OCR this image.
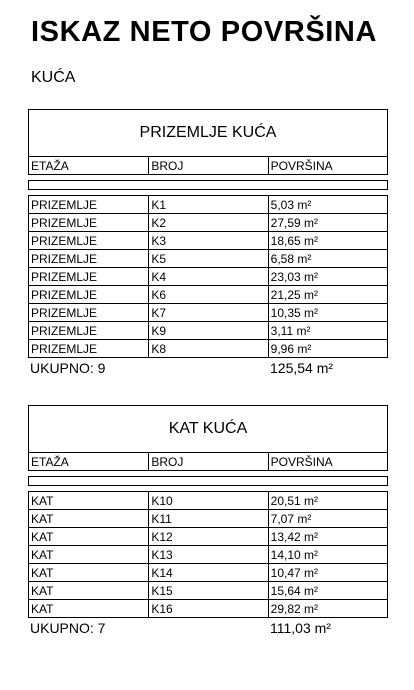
ISKAZ NETO POVRŠINA
KUĆA
PRIZEMLJE KUĆA
ETAŽA	BROJ	POVRŠINA
PRIZEMLJE	K1	5,03 m²
PRIZEMLJE	K2	27,59 m²
PRIZEMLJE	K3	18,65 m²
PRIZEMLJE	K5	6,58 m²
PRIZEMLJE	K4	23,03 m²
PRIZEMLJE	K6	21,25 m²
PRIZEMLJE	K7	10,35 m²
PRIZEMLJE	K9	3,11 m²
PRIZEMLJE	K8	9,96 m²
UKUPNO: 9	125,54 m²
KAT KUĆA
ETAŽA	BROJ	POVRŠINA
KAT	K10	20,51 m²
KAT	K11	7,07 m²
KAT	K12	13,42 m²
KAT	K13	14,10 m²
KAT	K14	10,47 m²
KAT	K15	15,64 m²
KAT	K16	29,82 m²
UKUPNO: 7	111,03 m²
